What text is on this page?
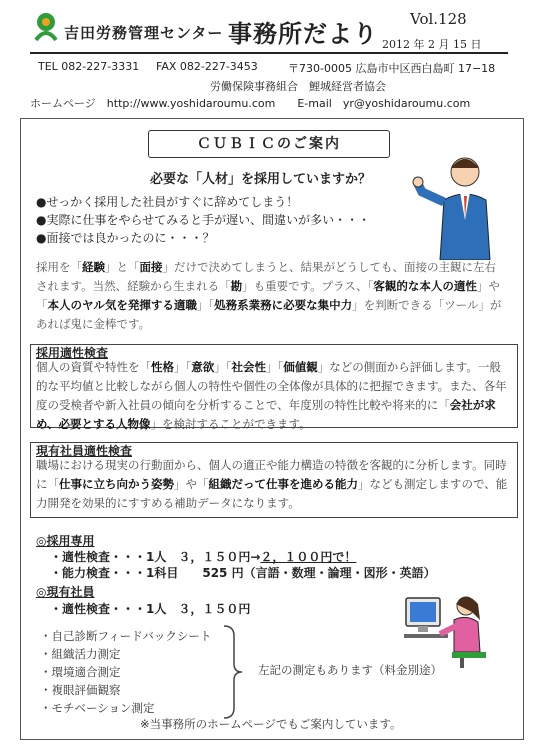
吉田労務管理センター 事務所だより Vol.128
2012 年 2 月 15 日
TEL 082-227-3331 FAX 082-227-3453	〒730-0005 広島市中区西白島町 17−18
労働保険事務組合　鯉城経営者協会
ホームページ　http://www.yoshidaroumu.com　　E-mail　yr@yoshidaroumu.com
ＣＵＢＩＣのご案内
必要な「人材」を採用していますか？
●せっかく採用した社員がすぐに辞めてしまう！
●実際に仕事をやらせてみると手が遅い、間違いが多い・・・
●面接では良かったのに・・・？
採用を「経験」と「面接」だけで決めてしまうと、結果がどうしても、面接の主観に左右されます。当然、経験から生まれる「勘」も重要です。プラス、「客観的な本人の適性」や「本人のヤル気を発揮する適職」「処務系業務に必要な集中力」を判断できる「ツール」があれば鬼に金棒です。
採用適性検査
個人の資質や特性を「性格」「意欲」「社会性」「価値観」などの側面から評価します。一般的な平均値と比較しながら個人の特性や個性の全体像が具体的に把握できます。また、各年度の受検者や新入社員の傾向を分析することで、年度別の特性比較や将来的に「会社が求め、必要とする人物像」を検討することができます。
現有社員適性検査
職場における現実の行動面から、個人の適正や能力構造の特徴を客観的に分析します。同時に「仕事に立ち向かう姿勢」や「組織だって仕事を進める能力」なども測定しますので、能力開発を効果的にすすめる補助データになります。
◎採用専用
・適性検査・・・1人　３，１５０円→２，１００円で！
・能力検査・・・1科目　　525 円（言語・数理・論理・図形・英語）
◎現有社員
・適性検査・・・1人　３，１５０円
・自己診断フィードバックシート
・組織活力測定
・環境適合測定
・複眼評価観察
・モチベーション測定
左記の測定もあります（料金別途）
※当事務所のホームページでもご案内しています。
